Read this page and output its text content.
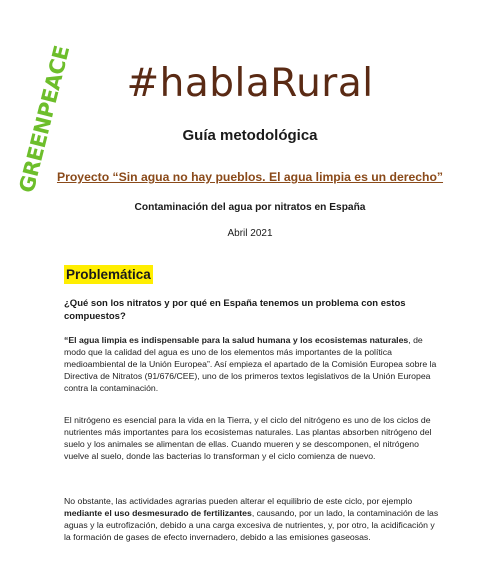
GREENPEACE	#hablaRural
Guía metodológica
Proyecto “Sin agua no hay pueblos. El agua limpia es un derecho”
Contaminación del agua por nitratos en España
Abril 2021
Problemática
¿Qué son los nitratos y por qué en España tenemos un problema con estos compuestos?

“El agua limpia es indispensable para la salud humana y los ecosistemas naturales, de modo que la calidad del agua es uno de los elementos más importantes de la política medioambiental de la Unión Europea”. Así empieza el apartado de la Comisión Europea sobre la Directiva de Nitratos (91/676/CEE), uno de los primeros textos legislativos de la Unión Europea contra la contaminación.

El nitrógeno es esencial para la vida en la Tierra, y el ciclo del nitrógeno es uno de los ciclos de nutrientes más importantes para los ecosistemas naturales. Las plantas absorben nitrógeno del suelo y los animales se alimentan de ellas. Cuando mueren y se descomponen, el nitrógeno vuelve al suelo, donde las bacterias lo transforman y el ciclo comienza de nuevo.

No obstante, las actividades agrarias pueden alterar el equilibrio de este ciclo, por ejemplo mediante el uso desmesurado de fertilizantes, causando, por un lado, la contaminación de las aguas y la eutrofización, debido a una carga excesiva de nutrientes, y, por otro, la acidificación y la formación de gases de efecto invernadero, debido a las emisiones gaseosas.
